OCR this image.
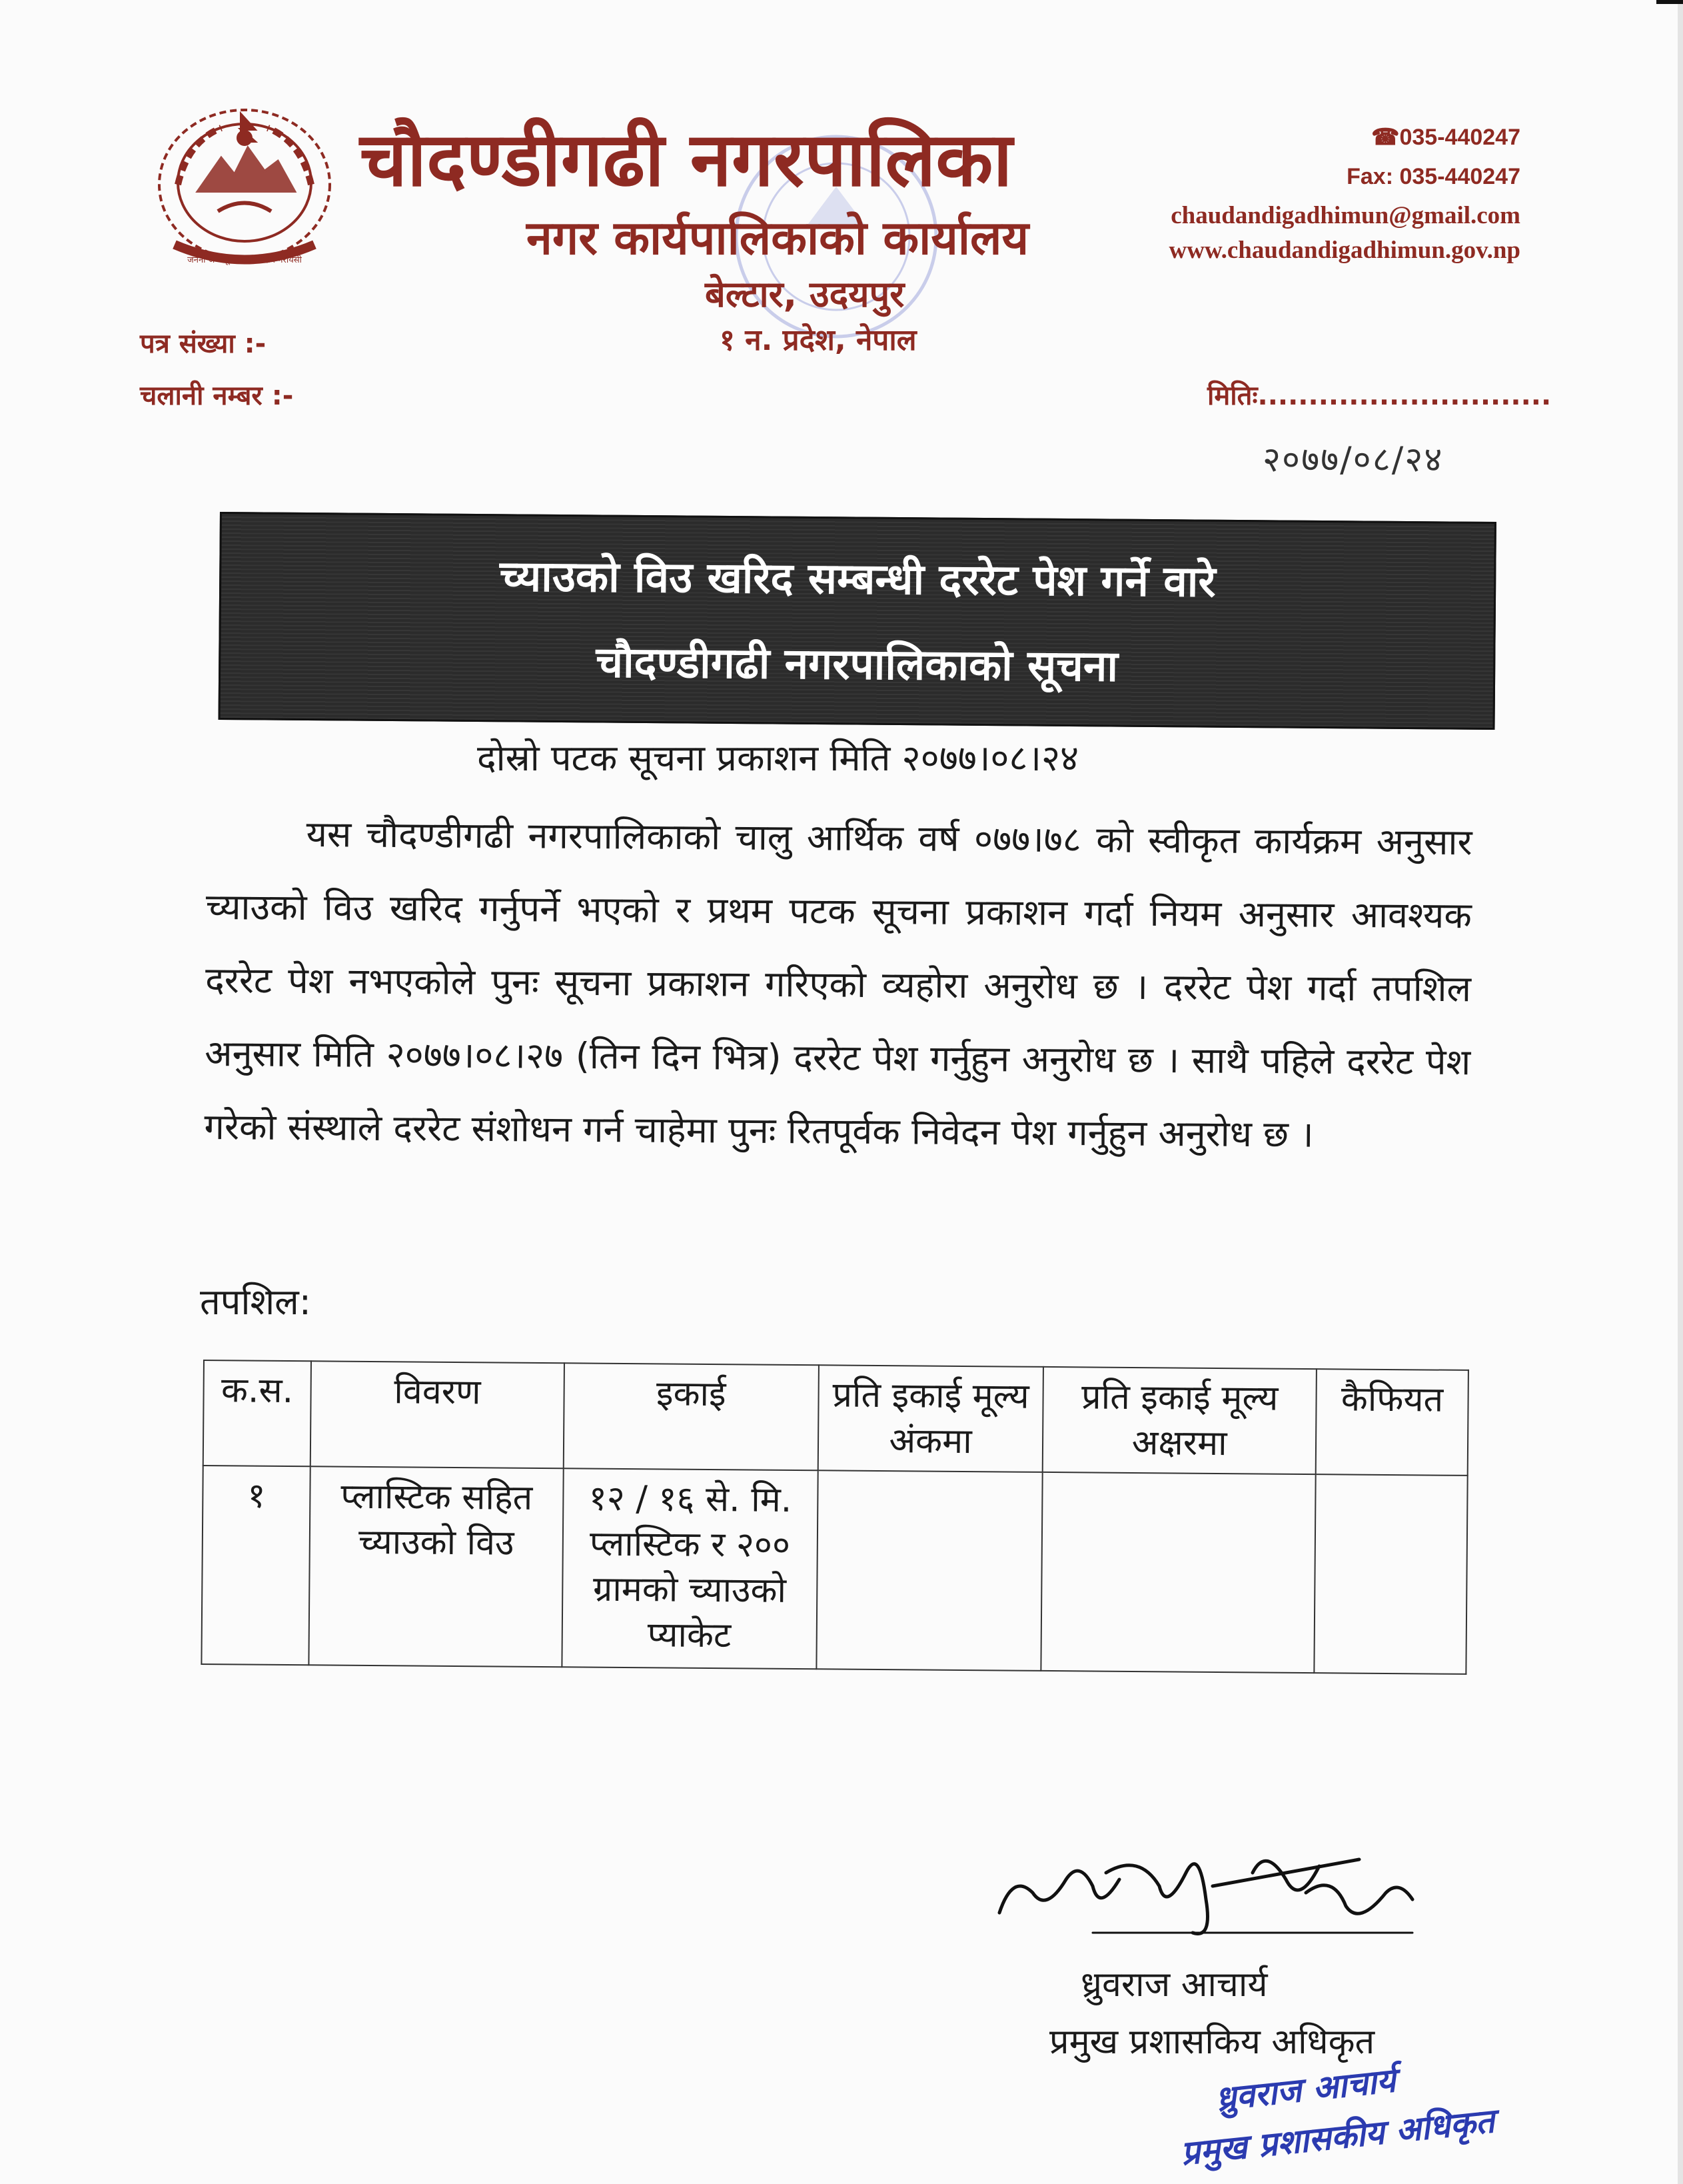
जननी जन्मभूमिश्च स्वर्गादपि गरीयसी
चौदण्डीगढी नगरपालिका
नगर कार्यपालिकाको कार्यालय
बेल्टार, उदयपुर
१ न. प्रदेश, नेपाल
☎035-440247
Fax: 035-440247
chaudandigadhimun@gmail.com
www.chaudandigadhimun.gov.np
पत्र संख्या :-
चलानी नम्बर :-	मितिः.............................
२०७७/०८/२४
च्याउको विउ खरिद सम्बन्धी दररेट पेश गर्ने वारे
चौदण्डीगढी नगरपालिकाको सूचना
दोस्रो पटक सूचना प्रकाशन मिति २०७७।०८।२४
यस चौदण्डीगढी नगरपालिकाको चालु आर्थिक वर्ष ०७७।७८ को स्वीकृत कार्यक्रम अनुसार च्याउको विउ खरिद गर्नुपर्ने भएको र प्रथम पटक सूचना प्रकाशन गर्दा नियम अनुसार आवश्यक दररेट पेश नभएकोले पुनः सूचना प्रकाशन गरिएको व्यहोरा अनुरोध छ । दररेट पेश गर्दा तपशिल अनुसार मिति २०७७।०८।२७ (तिन दिन भित्र) दररेट पेश गर्नुहुन अनुरोध छ । साथै पहिले दररेट पेश गरेको संस्थाले दररेट संशोधन गर्न चाहेमा पुनः रितपूर्वक निवेदन पेश गर्नुहुन अनुरोध छ ।
तपशिल:
क.स.	विवरण	इकाई	प्रति इकाई मूल्य अंकमा	प्रति इकाई मूल्य अक्षरमा	कैफियत
१	प्लास्टिक सहित च्याउको विउ	१२ / १६ से. मि. प्लास्टिक र २०० ग्रामको च्याउको प्याकेट			
ध्रुवराज आचार्य
प्रमुख प्रशासकिय अधिकृत
ध्रुवराज आचार्य
प्रमुख प्रशासकीय अधिकृत
